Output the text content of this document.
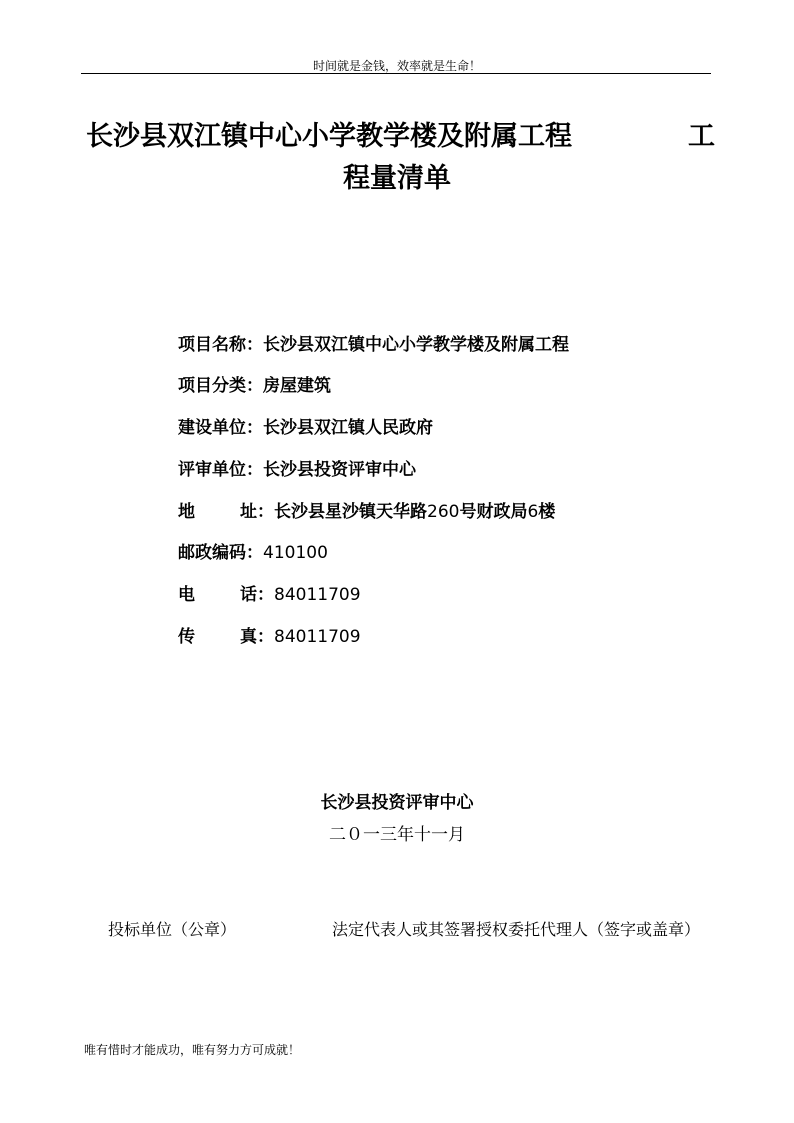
时间就是金钱，效率就是生命！
长沙县双江镇中心小学教学楼及附属工程	工
程量清单
项目名称：长沙县双江镇中心小学教学楼及附属工程
项目分类：房屋建筑
建设单位：长沙县双江镇人民政府
评审单位：长沙县投资评审中心
地	址 ：长沙县星沙镇天华路260号财政局6楼
邮政编码：410100
电	话 ：84011709
传	真 ：84011709
长沙县投资评审中心
二０一三年十一月
投标单位（公章）	法定代表人或其签署授权委托代理人（签字或盖章）
唯有惜时才能成功，唯有努力方可成就！
